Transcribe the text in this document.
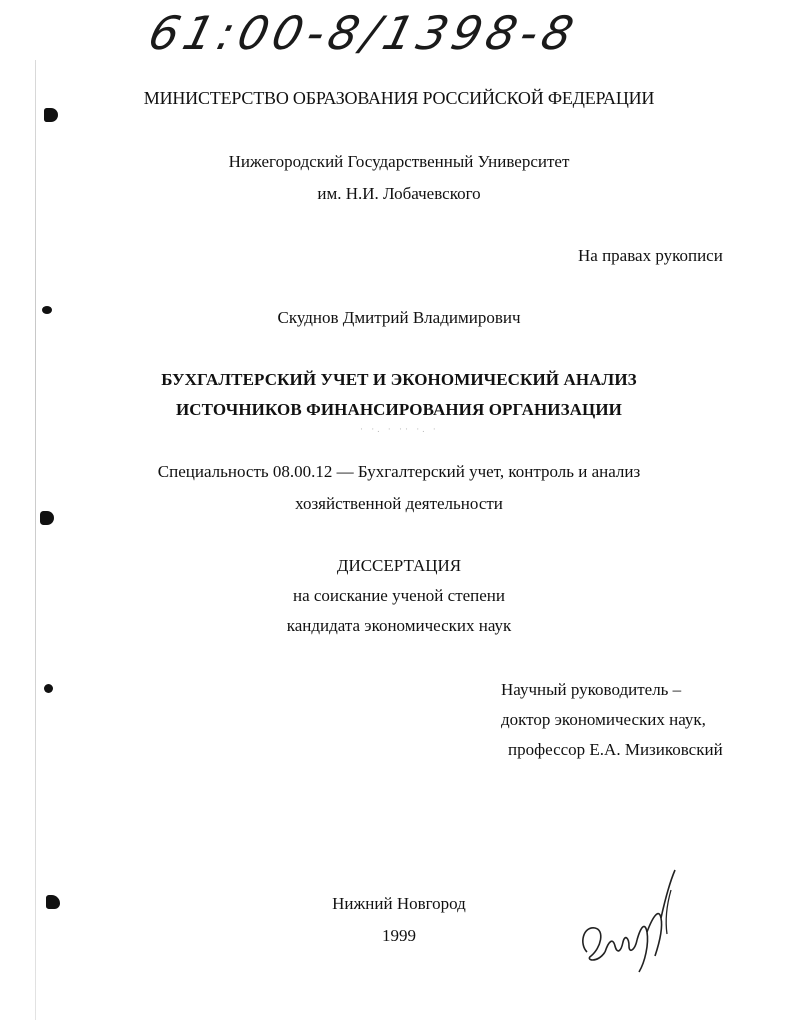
61:00-8/1398-8
МИНИСТЕРСТВО ОБРАЗОВАНИЯ РОССИЙСКОЙ ФЕДЕРАЦИИ
Нижегородский Государственный Университет
им. Н.И. Лобачевского
На правах рукописи
Скуднов Дмитрий Владимирович
БУХГАЛТЕРСКИЙ УЧЕТ И ЭКОНОМИЧЕСКИЙ АНАЛИЗ
ИСТОЧНИКОВ ФИНАНСИРОВАНИЯ ОРГАНИЗАЦИИ
· ·. · ·· ·. ·
Специальность 08.00.12 — Бухгалтерский учет, контроль и анализ
хозяйственной деятельности
ДИССЕРТАЦИЯ
на соискание ученой степени
кандидата экономических наук
Научный руководитель –
доктор экономических наук,
профессор Е.А. Мизиковский
Нижний Новгород
1999
